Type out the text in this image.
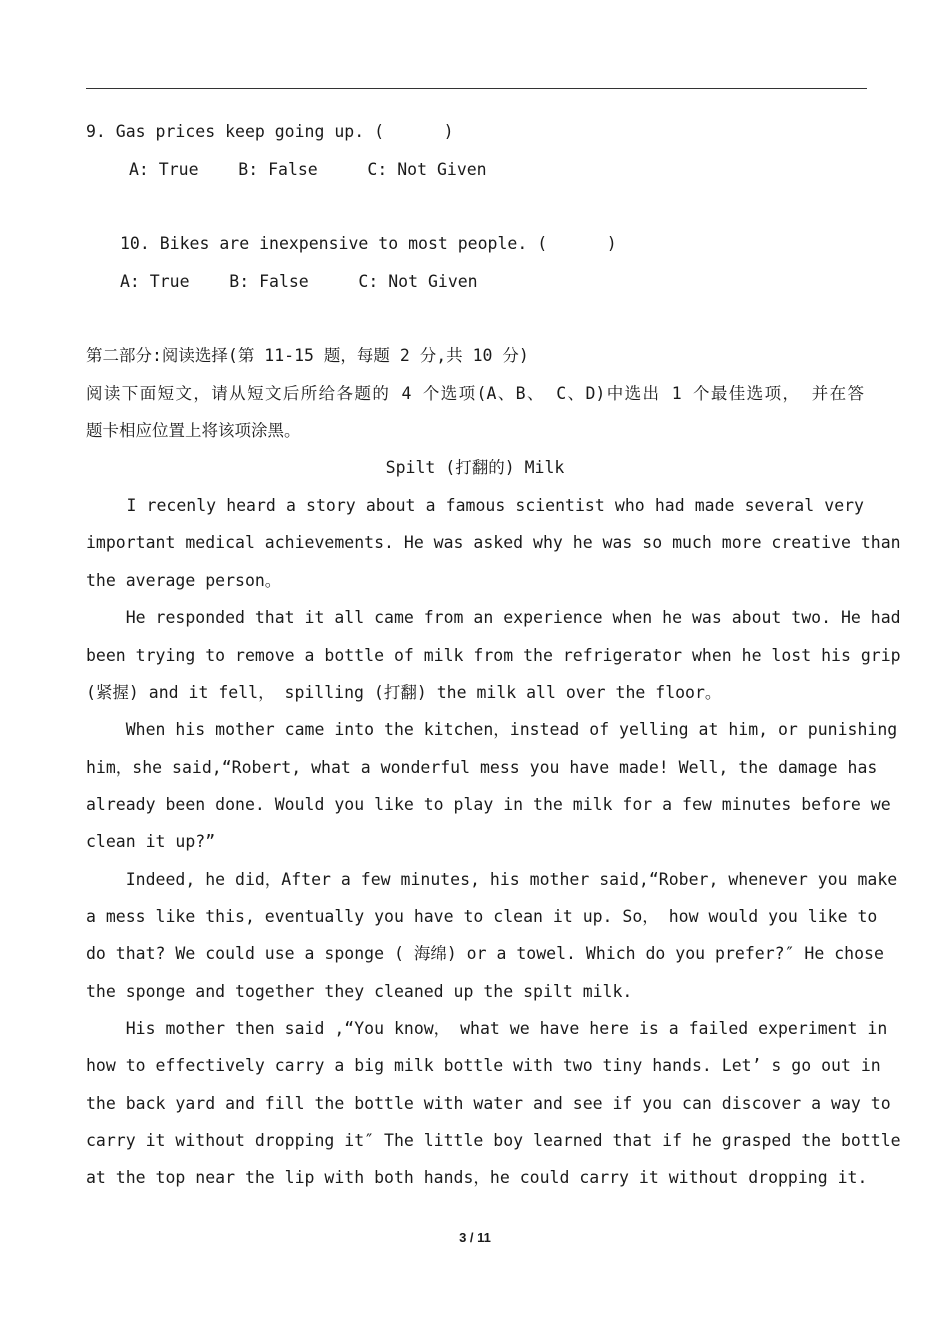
9. Gas prices keep going up. (      )
A: True    B: False     C: Not Given
10. Bikes are inexpensive to most people. (      )
A: True    B: False     C: Not Given
第二部分:阅读选择(第 11-15 题，每题 2 分,共 10 分)
阅读下面短文，请从短文后所给各题的 4 个选项(A、B、 C、D)中选出 1 个最佳选项， 并在答
题卡相应位置上将该项涂黑。
Spilt (打翻的) Milk
I recenly heard a story about a famous scientist who had made several very
important medical achievements. He was asked why he was so much more creative than
the average person。
He responded that it all came from an experience when he was about two. He had
been trying to remove a bottle of milk from the refrigerator when he lost his grip
(紧握) and it fell， spilling (打翻) the milk all over the floor。
When his mother came into the kitchen，instead of yelling at him, or punishing
him，she said,“Robert, what a wonderful mess you have made! Well, the damage has
already been done. Would you like to play in the milk for a few minutes before we
clean it up?”
Indeed, he did，After a few minutes, his mother said,“Rober, whenever you make
a mess like this, eventually you have to clean it up. So， how would you like to
do that? We could use a sponge ( 海绵) or a towel. Which do you prefer?″ He chose
the sponge and together they cleaned up the spilt milk.
His mother then said ,“You know， what we have here is a failed experiment in
how to effectively carry a big milk bottle with two tiny hands. Let’ s go out in
the back yard and fill the bottle with water and see if you can discover a way to
carry it without dropping it″ The little boy learned that if he grasped the bottle
at the top near the lip with both hands，he could carry it without dropping it.
3 / 11
